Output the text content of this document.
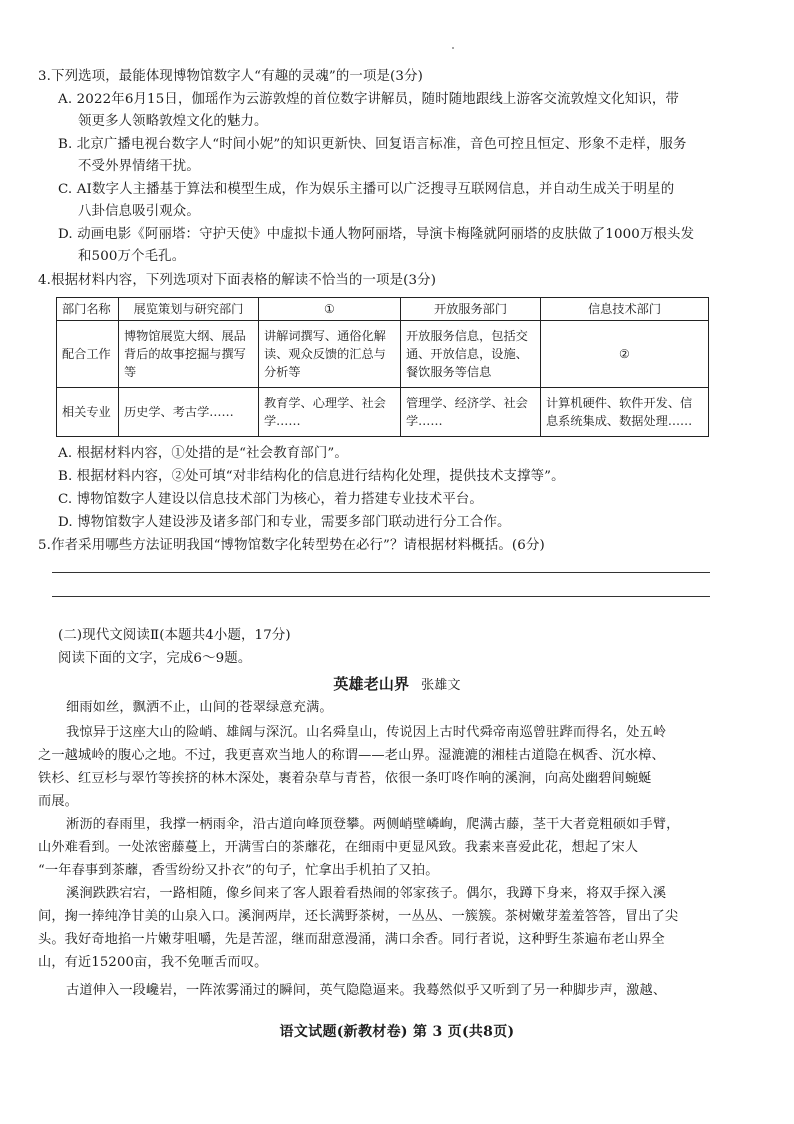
3.下列选项，最能体现博物馆数字人“有趣的灵魂”的一项是(3分)
A. 2022年6月15日，伽瑶作为云游敦煌的首位数字讲解员，随时随地跟线上游客交流敦煌文化知识，带
领更多人领略敦煌文化的魅力。
B. 北京广播电视台数字人“时间小妮”的知识更新快、回复语言标准，音色可控且恒定、形象不走样，服务
不受外界情绪干扰。
C. AI数字人主播基于算法和模型生成，作为娱乐主播可以广泛搜寻互联网信息，并自动生成关于明星的
八卦信息吸引观众。
D. 动画电影《阿丽塔：守护天使》中虚拟卡通人物阿丽塔，导演卡梅隆就阿丽塔的皮肤做了1000万根头发
和500万个毛孔。
4.根据材料内容，下列选项对下面表格的解读不恰当的一项是(3分)
部门名称	展览策划与研究部门	①	开放服务部门	信息技术部门
配合工作	博物馆展览大纲、展品背后的故事挖掘与撰写等	讲解词撰写、通俗化解读、观众反馈的汇总与分析等	开放服务信息，包括交通、开放信息，设施、餐饮服务等信息	②
相关专业	历史学、考古学……	教育学、心理学、社会学……	管理学、经济学、社会学……	计算机硬件、软件开发、信息系统集成、数据处理……
A. 根据材料内容，①处措的是“社会教育部门”。
B. 根据材料内容，②处可填“对非结构化的信息进行结构化处理，提供技术支撑等”。
C. 博物馆数字人建设以信息技术部门为核心，着力搭建专业技术平台。
D. 博物馆数字人建设涉及诸多部门和专业，需要多部门联动进行分工合作。
5.作者采用哪些方法证明我国“博物馆数字化转型势在必行”？请根据材料概括。(6分)
(二)现代文阅读Ⅱ(本题共4小题，17分)
阅读下面的文字，完成6～9题。
英雄老山界 张雄文
细雨如丝，飘洒不止，山间的苍翠绿意充满。
我惊异于这座大山的险峭、雄阔与深沉。山名舜皇山，传说因上古时代舜帝南巡曾驻跸而得名，处五岭
之一越城岭的腹心之地。不过，我更喜欢当地人的称谓——老山界。湿漉漉的湘桂古道隐在枫香、沉水樟、
铁杉、红豆杉与翠竹等挨挤的林木深处，裹着杂草与青苔，依很一条叮咚作响的溪涧，向高处幽碧间蜿蜒
而展。
淅沥的春雨里，我撑一柄雨伞，沿古道向峰顶登攀。两侧峭壁嶙峋，爬满古藤，茎干大者竟粗硕如手臂，
山外难看到。一处浓密藤蔓上，开满雪白的茶蘼花，在细雨中更显风致。我素来喜爱此花，想起了宋人
“一年春事到茶蘼，香雪纷纷又扑衣”的句子，忙拿出手机拍了又拍。
溪涧跌跌宕宕，一路相随，像乡间来了客人跟着看热闹的邻家孩子。偶尔，我蹲下身来，将双手探入溪
间，掬一捧纯净甘美的山泉入口。溪涧两岸，还长满野茶树，一丛丛、一簇簇。茶树嫩芽羞羞答答，冒出了尖
头。我好奇地掐一片嫩芽咀嚼，先是苦涩，继而甜意漫涌，满口余香。同行者说，这种野生茶遍布老山界全
山，有近15200亩，我不免咂舌而叹。
古道伸入一段巉岩，一阵浓雾涌过的瞬间，英气隐隐逼来。我蓦然似乎又听到了另一种脚步声，激越、
语文试题(新教材卷) 第 3 页(共8页)
